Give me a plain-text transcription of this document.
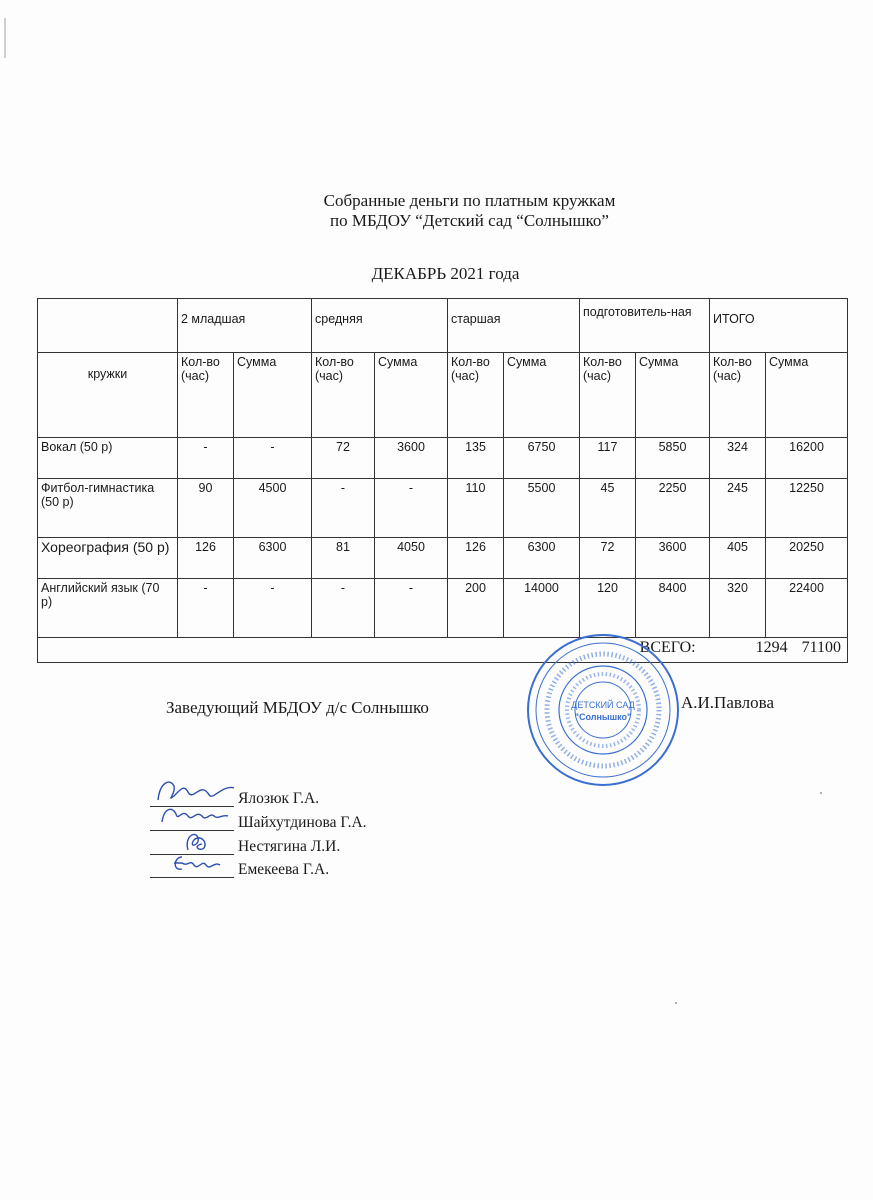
Собранные деньги по платным кружкам
по МБДОУ “Детский сад “Солнышко”
ДЕКАБРЬ 2021 года
	2 младшая		средняя		старшая		подготовитель-ная		ИТОГО	
кружки	Кол-во (час)	Сумма	Кол-во (час)	Сумма	Кол-во (час)	Сумма	Кол-во (час)	Сумма	Кол-во (час)	Сумма
Вокал (50 р)	-	-	72	3600	135	6750	117	5850	324	16200
Фитбол-гимнастика (50 р)	90	4500	-	-	110	5500	45	2250	245	12250
Хореография (50 р)	126	6300	81	4050	126	6300	72	3600	405	20250
Английский язык (70 р)	-	-	-	-	200	14000	120	8400	320	22400
ВСЕГО: 1294 71100										
Заведующий МБДОУ д/с Солнышко	А.И.Павлова
ДЕТСКИЙ САД
"Солнышко"
Ялозюк Г.А.
Шайхутдинова Г.А.
Нестягина Л.И.
Емекеева Г.А.
